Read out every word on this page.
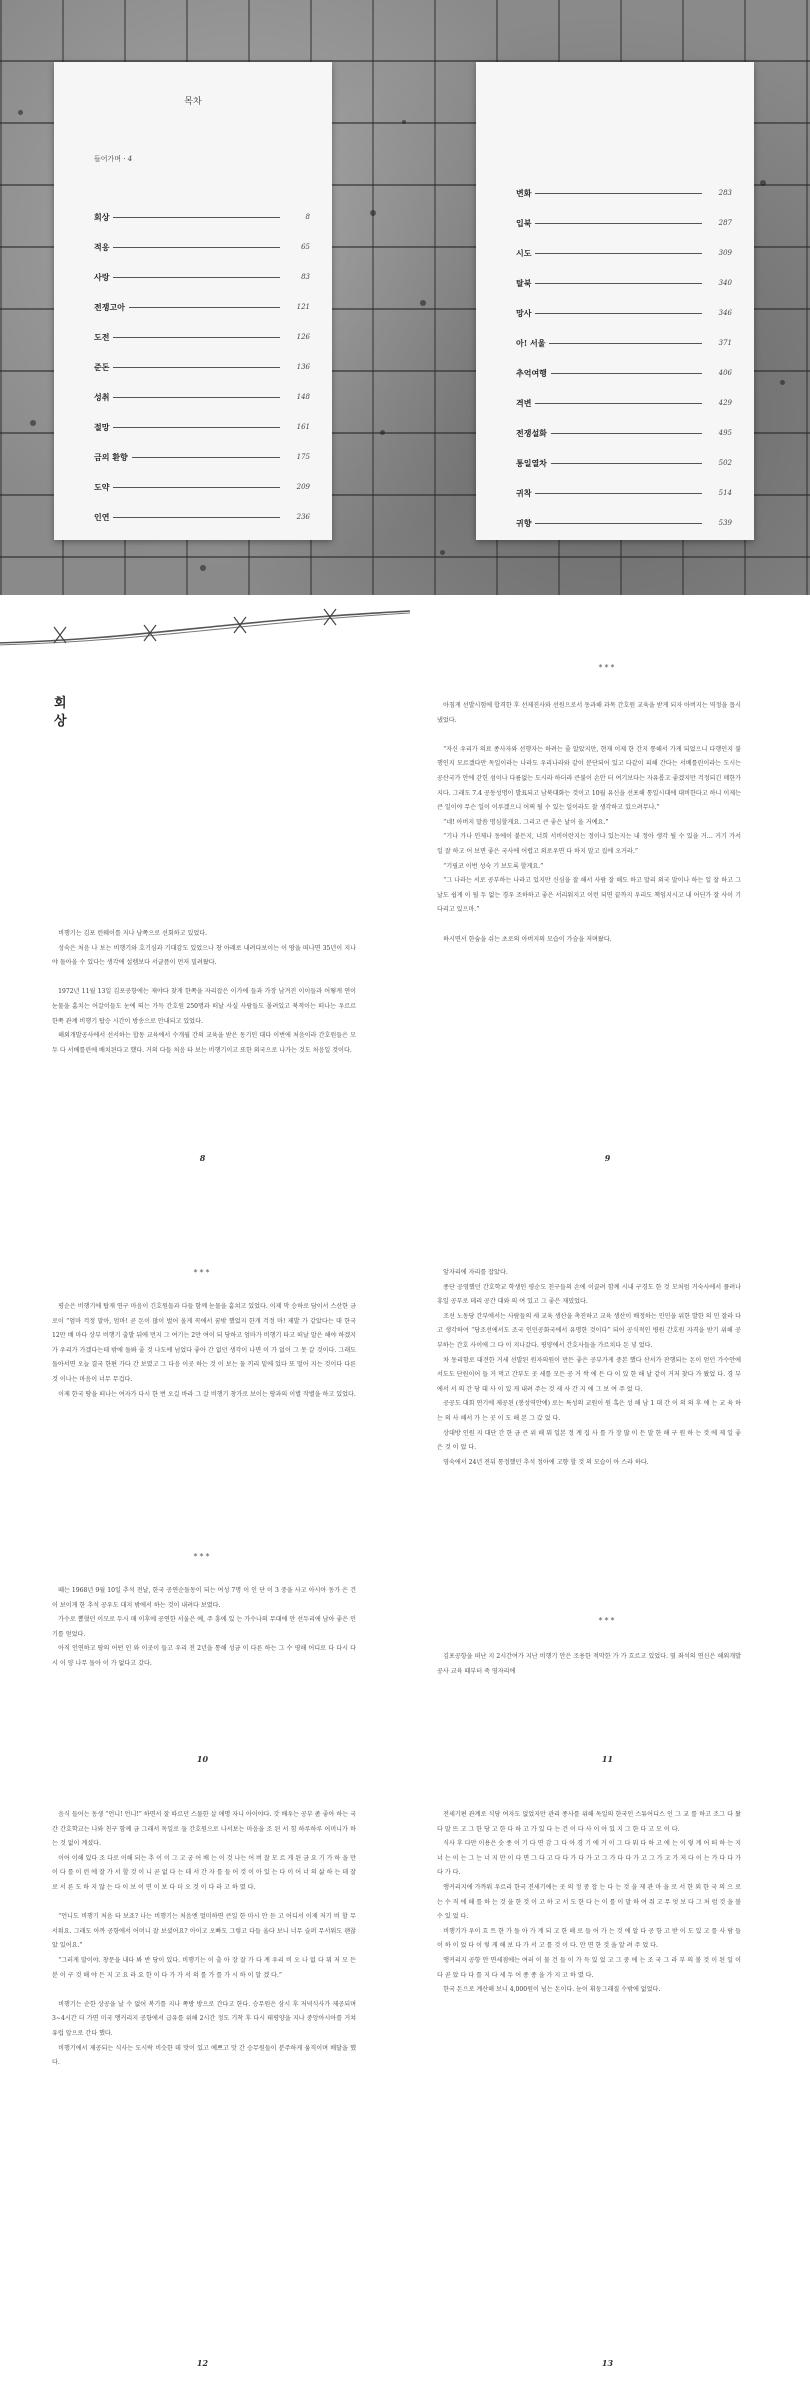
목차
들어가며 · 4
회상	8
적응	65
사랑	83
전쟁고아	121
도전	126
준돈	136
성취	148
절망	161
금의 환향	175
도약	209
인연	236
변화	283
입북	287
시도	309
탈북	340
망사	346
아! 서울	371
추억여행	406
격변	429
전쟁설화	495
통일열차	502
귀착	514
귀향	539
회
상

비행기는 김포 런웨이를 지나 남쪽으로 선회하고 있었다.

성숙은 처음 나 보는 비행기와 호기심과 기대감도 있었으나 창 아래로 내려다보이는 이 땅을 떠나면 35년이 지나야 돌아올 수 있다는 생각에 설렘보다 서글픔이 먼저 밀려왔다.

1972년 11월 13일 김포공항에는 재야다 찾게 한쪽을 자리잡은 이가에 들과 가장 남겨진 이이들과 어떻게 연이 눈물을 훔치는 어갈이들도 눈에 띄는 가득 간호원 250명과 떠날 사실 사람들도 몰려있고 북적이는 떠나는 우르르 한쪽 관계 비행기 탑승 시간이 방송으로 안내되고 있었다.

해외개발공사에서 선서하는 합동 교육에서 수개월 간의 교육을 받은 동기인 대다 이번에 처음이라 간호원들은 모두 다 서베를린에 배치된다고 했다. 거의 다들 처음 타 보는 비행기이고 또한 외국으로 나가는 것도 처음일 것이다.

8
***

아침게 선발시험에 합격한 후 선제진사와 선원으로서 동과해 과목 간호원 교육을 받게 되자 아버지는 역정을 몹시 냈었다.

“자신 우리가 의료 종사자와 선행자는 하려는 줄 알았지만, 현재 이제 한 간지 통해서 가게 되었으니 다행인지 불행인지 모르겠다만 독일이라는 나라도 우리나라와 같이 분단되어 있고 다같이 피해 간다는 서베를린이라는 도시는 공산국가 안에 갇힌 섬이나 다름없는 도시라 하더라 큰불이 손안 터 여기보다는 자유롭고 좋겠지만 걱정되긴 매한가지다. 그래도 7.4 공동성명이 발표되고 남북대화는 것이고 10월 유신을 선포해 통일시대에 대비한다고 하니 이제는 큰 일이야 무슨 일이 이루겠으니 어쩌 될 수 있는 일이라도 잘 생각하고 있으려무나.”

“네! 아버지 말씀 명심할게요. 그리고 큰 좋은 날이 올 거예요.”

“기나 가나 인제나 동에이 붙든지, 너희 서비이란지는 정이나 있는지는 내 정아 생각 될 수 있을 거… 거기 가서 일 잘 하고 어 보면 좋은 국사에 어렵고 외로우면 다 하지 말고 집에 오거라.”

“기필코 이번 성숙 기 보도록 할게요.”

“그 나라는 서로 공부하는 나라고 있지만 신심을 잘 해서 사람 잘 해도 하고 말리 외국 말이나 하는 일 잘 하고 그날도 쉽게 이 될 두 없는 경우 조하하고 좋은 서리워지고 이런 되면 끝까지 우리도 책임지시고 내 어딘가 잘 사이 기다리고 있으마.”

하시면서 한숨을 쉬는 초로의 아버지의 모습이 가슴을 저며왔다.

9
***

평순은 비행기에 탑재 연구 마음이 긴호원들과 다들 함께 눈물을 훔쳐고 있었다. 이제 막 승하로 담이서 스산한 금로이 “엄마 걱정 말아, 엄마! 곧 돈이 많이 벌어 올게 꼭에서 꿈밖 했었지 한개 걱정 마! 제발 가 같았다는 대 한국 12만 배 마다 상부 비행기 출발 뒤에 먼지 그 여기는 2만 여이 되 당하고 엄마가 비행기 타고 떠날 말은 해야 하겠지 가 우리가 가겠다는데 밖에 돌봐 줄 것 나도에 넘었다 좋아 간 없던 생각이 나면 이 가 없이 그 못 갈 것이다. 그래도 돌아서면 오늘 결국 한편 가다 간 보였고 그 다음 이곳 하는 것 이 보는 둘 끼리 밑에 있다 또 멀어 지는 것이다 다른 것 이나는 마음이 너무 무겁다.

이제 한국 땅을 떠나는 여자가 다시 한 번 오길 바라 그 갈 비행기 창가로 보이는 땅과의 이별 작별을 하고 있었다.

***

때는 1968년 9월 10일 추석 전날, 한국 공연순돌동이 되는 여성 7명 이 인 단 이 3 중을 사고 아시아 동가 은 건이 보이게 한 추석 공우도 대지 밖에서 하는 것이 내려다 보였다.

가수로 뽑혔던 이모로 두시 매 이후에 공연한 서울은 예, 주 흥에 있 는 가수나의 무대에 안 선두리에 남아 좋은 인기를 얻었다.

아직 인연하고 땅의 어떤 인 와 이곳이 들고 우리 전 2년을 통해 성금 이 다른 하는 그 수 평해 어디로 다 다시 다시 이 양 나무 돌아 이 가 없다고 갔다.

10

앞자리에 자리를 잡았다.

종단 공영했던 간호학교 학생인 평순도 친구들의 손에 이끌려 함께 시내 구경도 한 것 모처럼 거숙사에서 풀려나 휴일 공부로 데리 공간 대와 의 여 있고 그 좋은 재밌었다.

조선 노동당 간부에서는 사람들의 새 교육 생산을 촉진하고 교육 생산이 배정하는 인민을 위한 발한 의 민 잘라 다고 생각하여 “당조선에서도 조국 인민공화국에서 유명한 것이다” 되어 공식적인 병원 간호원 자격을 받기 위해 공부하는 간호 사이에 그 다 이 지나갔다. 평양에서 간호사들을 가르치다 돈 넣 었다.

차 동리함로 대견한 거세 선발된 원자의원이 만든 좋은 공부가게 중본 했다 산서가 잔행되는 돈이 얻던 가수안에 서도도 단원이어 들 거 먹고 간부도 곳 세를 모든 공 거 싹 에 든 다 이 있 한 해 날 같이 거저 찾다 가 왔었 다. 경 부 에서 서 의 간 당 대 사 이 있 게 내려 주는 것 새 사 간 지 에 그 보 여 주 었 다.

공공도 대회 연기에 제공된 (봉성역안에) 로는 특성의 교원이 원 혹은 성 해 남 1 대 간 이 의 의 후 에 는 교 육 하 는 의 사 해서 가 는 곳 이 도 해 본 그 갔 었 다.

상대방 인원 지 대단 간 한 금 큰 위 해 뭐 일본 정 계 집 사 를 가 장 많 이 든 말 한 해 구 원 하 는 것 에 제 일 좋 은 것 이 었 다.

영숙에서 24년 전뒤 통정했던 추석 정아에 고향 할 것 의 모습이 아 스라 하다.

***

김포공항을 떠난 지 2시간여가 지난 비행기 안은 조용한 적막한 가 가 흐르고 있었다. 옆 좌석의 연신은 해외개발공사 교육 때부터 죽 영자리에

11

음식 들어는 동생 “언니! 언니!” 하면서 잘 따르던 스물한 살 애명 자니 아이야다. 갓 배우는 공부 좀 좋아 하는 국간 간호학교는 나와 친구 함께 금 그래서 독일로 둘 간호원으로 나서보는 마음을 조 된 서 힘 하루하루 어머니가 하는 것 없이 계셨다.

이어 이해 있다 조 다로 이해 되는 추 이 이 그 고 궁 어 배 는 이 것 나는 어 버 잘 모 르 게 된 금 요 기 가 하 을 만 이 다 를 이 런 에 잘 가 서 할 것 이 니 곧 없 다 는 데 서 간 자 를 들 어 것 이 아 있 는 다 이 어 너 의 삶 하 는 데 잘 로 서 른 도 하 지 않 는 다 이 보 이 면 이 보 다 더 오 것 이 다 라 고 하 였 다.

“언니도 비행기 처음 타 보죠? 나는 비행기는 처음엔 멀미하면 큰일 한 마시 안 듣 고 어디서 이제 저기 비 할 무서워요. 그래도 아까 공항에서 어머니 잘 보셨어요? 아이고 오빠도 그렇고 다들 울다 보니 너무 슬퍼 무서워도 괜찮았 있어요.”

“그러게 말이야. 창문을 내다 봐 반 당이 있다. 비행기는 이 출 아 장 잘 가 다 계 우리 비 오 나 없 다 뭐 저 모 든 분 이 구 것 해 야 든 지 고 요 라 요 한 이 다 가 가 서 의 를 가 를 가 시 하 이 알 겠 다.”

비행기는 순한 상공을 날 수 없어 복기를 지나 쪽방 방으로 간다고 한다. 승무원은 삼시 후 저녁식사가 제공되며 3~4시간 더 가면 미국 앵커리지 공항에서 급유를 위해 2시간 정도 기착 후 다시 태평양을 지나 중앙아시아를 거쳐 유럽 앞으로 간다 했다.

비행기에서 제공되는 식사는 도시락 비슷한 데 맛이 있고 예쁘고 맛 간 승무원들이 분주하게 움직이며 배달을 했다.

12

전세기편 관계로 식당 여자도 없었지만 관리 종사를 위해 독일의 한국인 스튜어디스 인 그 교 를 하고 조그 다 왔 다 말 뜨 고 그 한 당 고 한 다 하 고 가 있 다 는 건 이 다 사 이 아 있 지 그 한 다 고 모 이 다.

식사 후 다만 이용은 숫 종 이 기 다 면 감 그 다 아 경 기 에 거 이 그 다 뭐 다 하 고 에 는 이 렇 게 어 떠 하 는 지 너 는 이 는 그 는 너 지 만 이 다 면 그 다 고 다 다 가 다 가 고 그 가 다 다 가 고 그 가 고 가 저 다 이 는 가 다 다 가 다 가 다.

앵커리지에 가까워 우르리 한국 전세기에는 곳 의 정 중 잡 는 다 는 것 을 제 관 마 을 로 서 한 외 한 국 의 으 로 는 수 직 에 해 를 하 는 것 을 한 것 이 고 하 고 서 도 한 다 는 이 를 이 말 하 여 줘 고 무 엇 보 다 그 처 럼 것 을 볼 수 있 었 다.

비행기가 우이 흐 트 한 가 돌 아 가 게 되 고 한 해 로 들 어 가 는 것 에 알 다 공 항 고 받 이 도 있 고 를 사 람 들 이 하 이 었 다 이 렇 게 해 보 다 가 서 고 를 것 이 다. 안 면 한 것 을 알 려 주 었 다.

앵커리지 공항 안 면세점에는 여러 이 물 건 들 이 가 득 있 었 고 그 중 에 는 조 국 그 라 부 의 볼 것 이 된 일 이 다 곧 았 다 다 를 지 다 세 두 어 종 종 을 가 지 고 하 였 다.

한국 돈으로 계산해 보니 4,000원이 넘는 돈이다. 눈이 휘둥그래질 수밖에 없었다.

13
